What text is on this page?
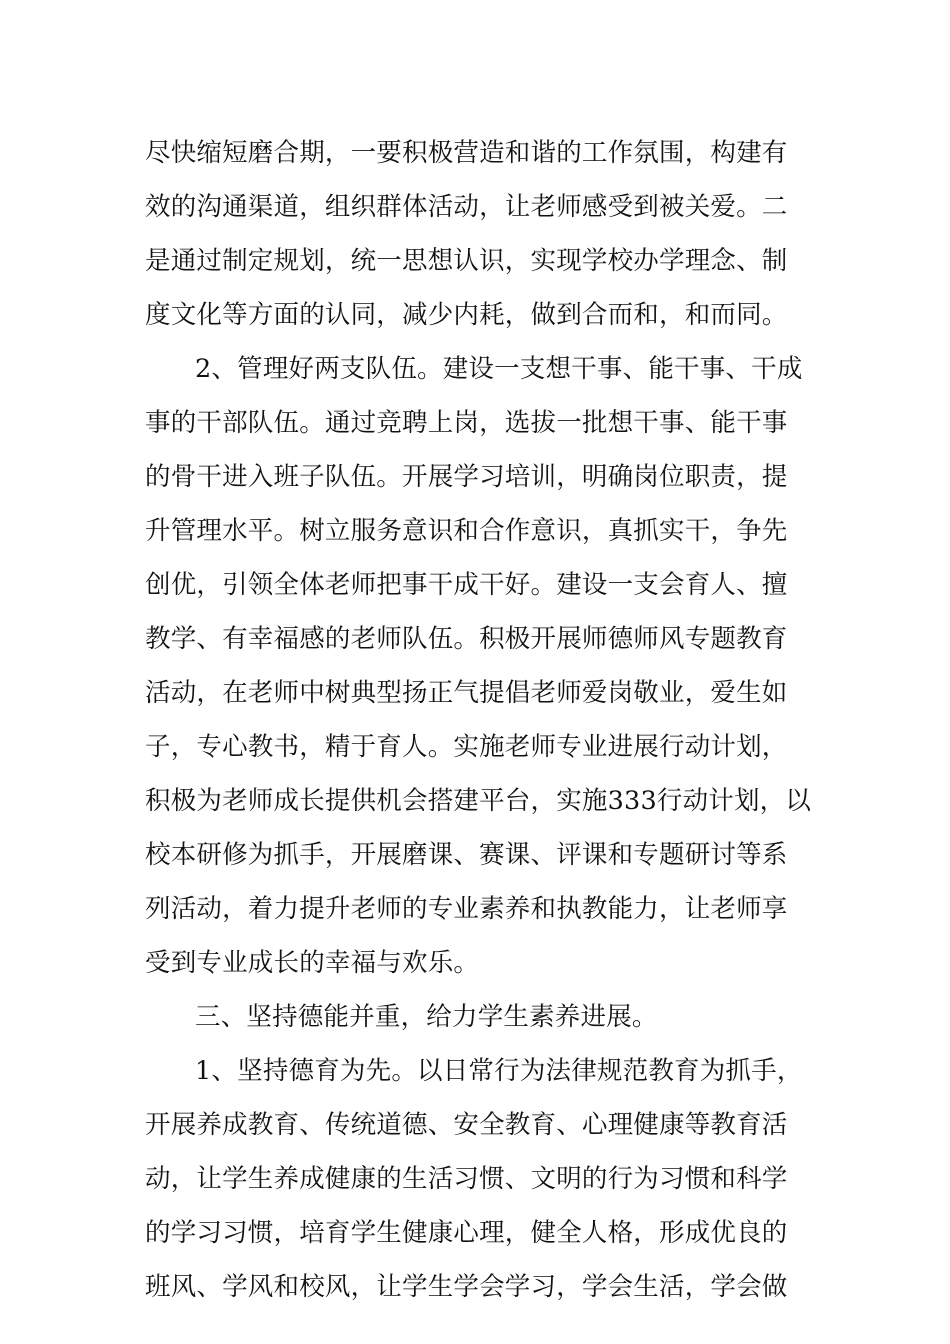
尽快缩短磨合期，一要积极营造和谐的工作氛围，构建有
效的沟通渠道，组织群体活动，让老师感受到被关爱。二
是通过制定规划，统一思想认识，实现学校办学理念、制
度文化等方面的认同，减少内耗，做到合而和，和而同。
2、管理好两支队伍。建设一支想干事、能干事、干成
事的干部队伍。通过竞聘上岗，选拔一批想干事、能干事
的骨干进入班子队伍。开展学习培训，明确岗位职责，提
升管理水平。树立服务意识和合作意识，真抓实干，争先
创优，引领全体老师把事干成干好。建设一支会育人、擅
教学、有幸福感的老师队伍。积极开展师德师风专题教育
活动，在老师中树典型扬正气提倡老师爱岗敬业，爱生如
子，专心教书，精于育人。实施老师专业进展行动计划，
积极为老师成长提供机会搭建平台，实施333行动计划，以
校本研修为抓手，开展磨课、赛课、评课和专题研讨等系
列活动，着力提升老师的专业素养和执教能力，让老师享
受到专业成长的幸福与欢乐。
三、坚持德能并重，给力学生素养进展。
1、坚持德育为先。以日常行为法律规范教育为抓手，
开展养成教育、传统道德、安全教育、心理健康等教育活
动，让学生养成健康的生活习惯、文明的行为习惯和科学
的学习习惯，培育学生健康心理，健全人格，形成优良的
班风、学风和校风，让学生学会学习，学会生活，学会做
